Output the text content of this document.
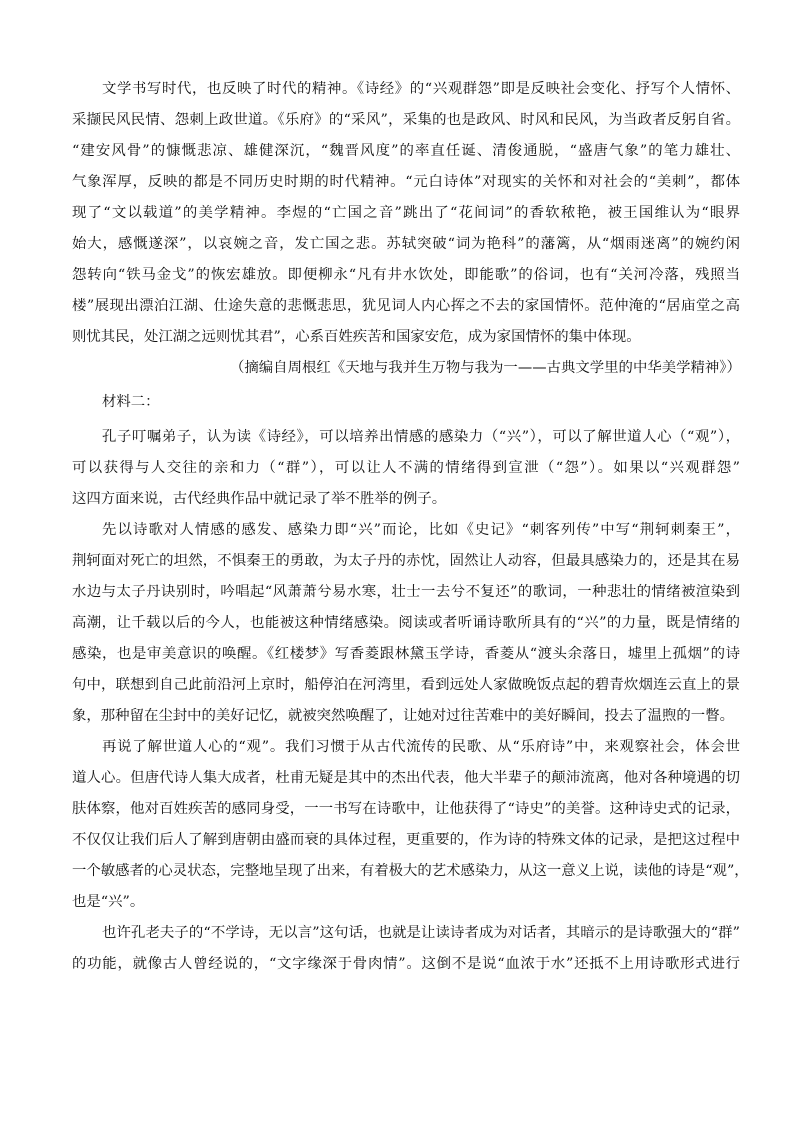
文学书写时代，也反映了时代的精神。《诗经》的“兴观群怨”即是反映社会变化、抒写个人情怀、
采撷民风民情、怨刺上政世道。《乐府》的“采风”，采集的也是政风、时风和民风，为当政者反躬自省。
“建安风骨”的慷慨悲凉、雄健深沉，“魏晋风度”的率直任诞、清俊通脱，“盛唐气象”的笔力雄壮、
气象浑厚，反映的都是不同历史时期的时代精神。“元白诗体”对现实的关怀和对社会的“美刺”，都体
现了“文以载道”的美学精神。李煜的“亡国之音”跳出了“花间词”的香软秾艳，被王国维认为“眼界
始大，感慨遂深”，以哀婉之音，发亡国之悲。苏轼突破“词为艳科”的藩篱，从“烟雨迷离”的婉约闲
怨转向“铁马金戈”的恢宏雄放。即便柳永“凡有井水饮处，即能歌”的俗词，也有“关河冷落，残照当
楼”展现出漂泊江湖、仕途失意的悲慨悲思，犹见词人内心挥之不去的家国情怀。范仲淹的“居庙堂之高
则忧其民，处江湖之远则忧其君”，心系百姓疾苦和国家安危，成为家国情怀的集中体现。
（摘编自周根红《天地与我并生万物与我为一——古典文学里的中华美学精神》）
材料二：
孔子叮嘱弟子，认为读《诗经》，可以培养出情感的感染力（“兴”），可以了解世道人心（“观”），
可以获得与人交往的亲和力（“群”），可以让人不满的情绪得到宣泄（“怨”）。如果以“兴观群怨”
这四方面来说，古代经典作品中就记录了举不胜举的例子。
先以诗歌对人情感的感发、感染力即“兴”而论，比如《史记》“刺客列传”中写“荆轲刺秦王”，
荆轲面对死亡的坦然，不惧秦王的勇敢，为太子丹的赤忱，固然让人动容，但最具感染力的，还是其在易
水边与太子丹诀别时，吟唱起“风萧萧兮易水寒，壮士一去兮不复还”的歌词，一种悲壮的情绪被渲染到
高潮，让千载以后的今人，也能被这种情绪感染。阅读或者听诵诗歌所具有的“兴”的力量，既是情绪的
感染，也是审美意识的唤醒。《红楼梦》写香菱跟林黛玉学诗，香菱从“渡头余落日，墟里上孤烟”的诗
句中，联想到自己此前沿河上京时，船停泊在河湾里，看到远处人家做晚饭点起的碧青炊烟连云直上的景
象，那种留在尘封中的美好记忆，就被突然唤醒了，让她对过往苦难中的美好瞬间，投去了温煦的一瞥。
再说了解世道人心的“观”。我们习惯于从古代流传的民歌、从“乐府诗”中，来观察社会，体会世
道人心。但唐代诗人集大成者，杜甫无疑是其中的杰出代表，他大半辈子的颠沛流离，他对各种境遇的切
肤体察，他对百姓疾苦的感同身受，一一书写在诗歌中，让他获得了“诗史”的美誉。这种诗史式的记录，
不仅仅让我们后人了解到唐朝由盛而衰的具体过程，更重要的，作为诗的特殊文体的记录，是把这过程中
一个敏感者的心灵状态，完整地呈现了出来，有着极大的艺术感染力，从这一意义上说，读他的诗是“观”，
也是“兴”。
也许孔老夫子的“不学诗，无以言”这句话，也就是让读诗者成为对话者，其暗示的是诗歌强大的“群”
的功能，就像古人曾经说的，“文字缘深于骨肉情”。这倒不是说“血浓于水”还抵不上用诗歌形式进行
